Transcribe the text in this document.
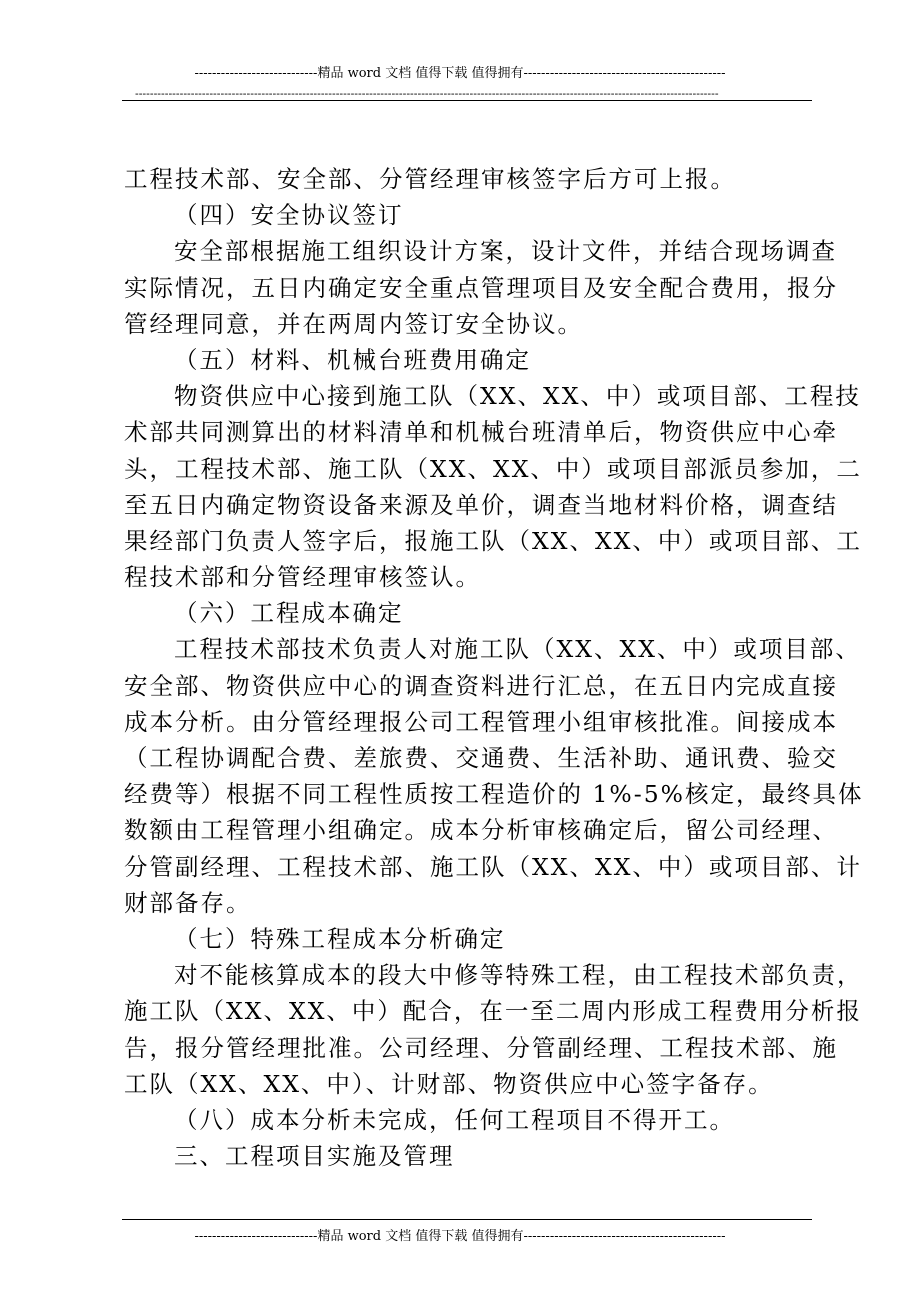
----------------------------精品 word 文档 值得下载 值得拥有----------------------------------------------
-------------------------------------------------------------------------------------------------------------------------------------------------------------
工程技术部、安全部、分管经理审核签字后方可上报。
（四）安全协议签订
安全部根据施工组织设计方案，设计文件，并结合现场调查
实际情况，五日内确定安全重点管理项目及安全配合费用，报分
管经理同意，并在两周内签订安全协议。
（五）材料、机械台班费用确定
物资供应中心接到施工队（XX、XX、中）或项目部、工程技
术部共同测算出的材料清单和机械台班清单后，物资供应中心牵
头，工程技术部、施工队（XX、XX、中）或项目部派员参加，二
至五日内确定物资设备来源及单价，调查当地材料价格，调查结
果经部门负责人签字后，报施工队（XX、XX、中）或项目部、工
程技术部和分管经理审核签认。
（六）工程成本确定
工程技术部技术负责人对施工队（XX、XX、中）或项目部、
安全部、物资供应中心的调查资料进行汇总，在五日内完成直接
成本分析。由分管经理报公司工程管理小组审核批准。间接成本
（工程协调配合费、差旅费、交通费、生活补助、通讯费、验交
经费等）根据不同工程性质按工程造价的 1%-5%核定，最终具体
数额由工程管理小组确定。成本分析审核确定后，留公司经理、
分管副经理、工程技术部、施工队（XX、XX、中）或项目部、计
财部备存。
（七）特殊工程成本分析确定
对不能核算成本的段大中修等特殊工程，由工程技术部负责，
施工队（XX、XX、中）配合，在一至二周内形成工程费用分析报
告，报分管经理批准。公司经理、分管副经理、工程技术部、施
工队（XX、XX、中）、计财部、物资供应中心签字备存。
（八）成本分析未完成，任何工程项目不得开工。
三、工程项目实施及管理
----------------------------精品 word 文档 值得下载 值得拥有----------------------------------------------
